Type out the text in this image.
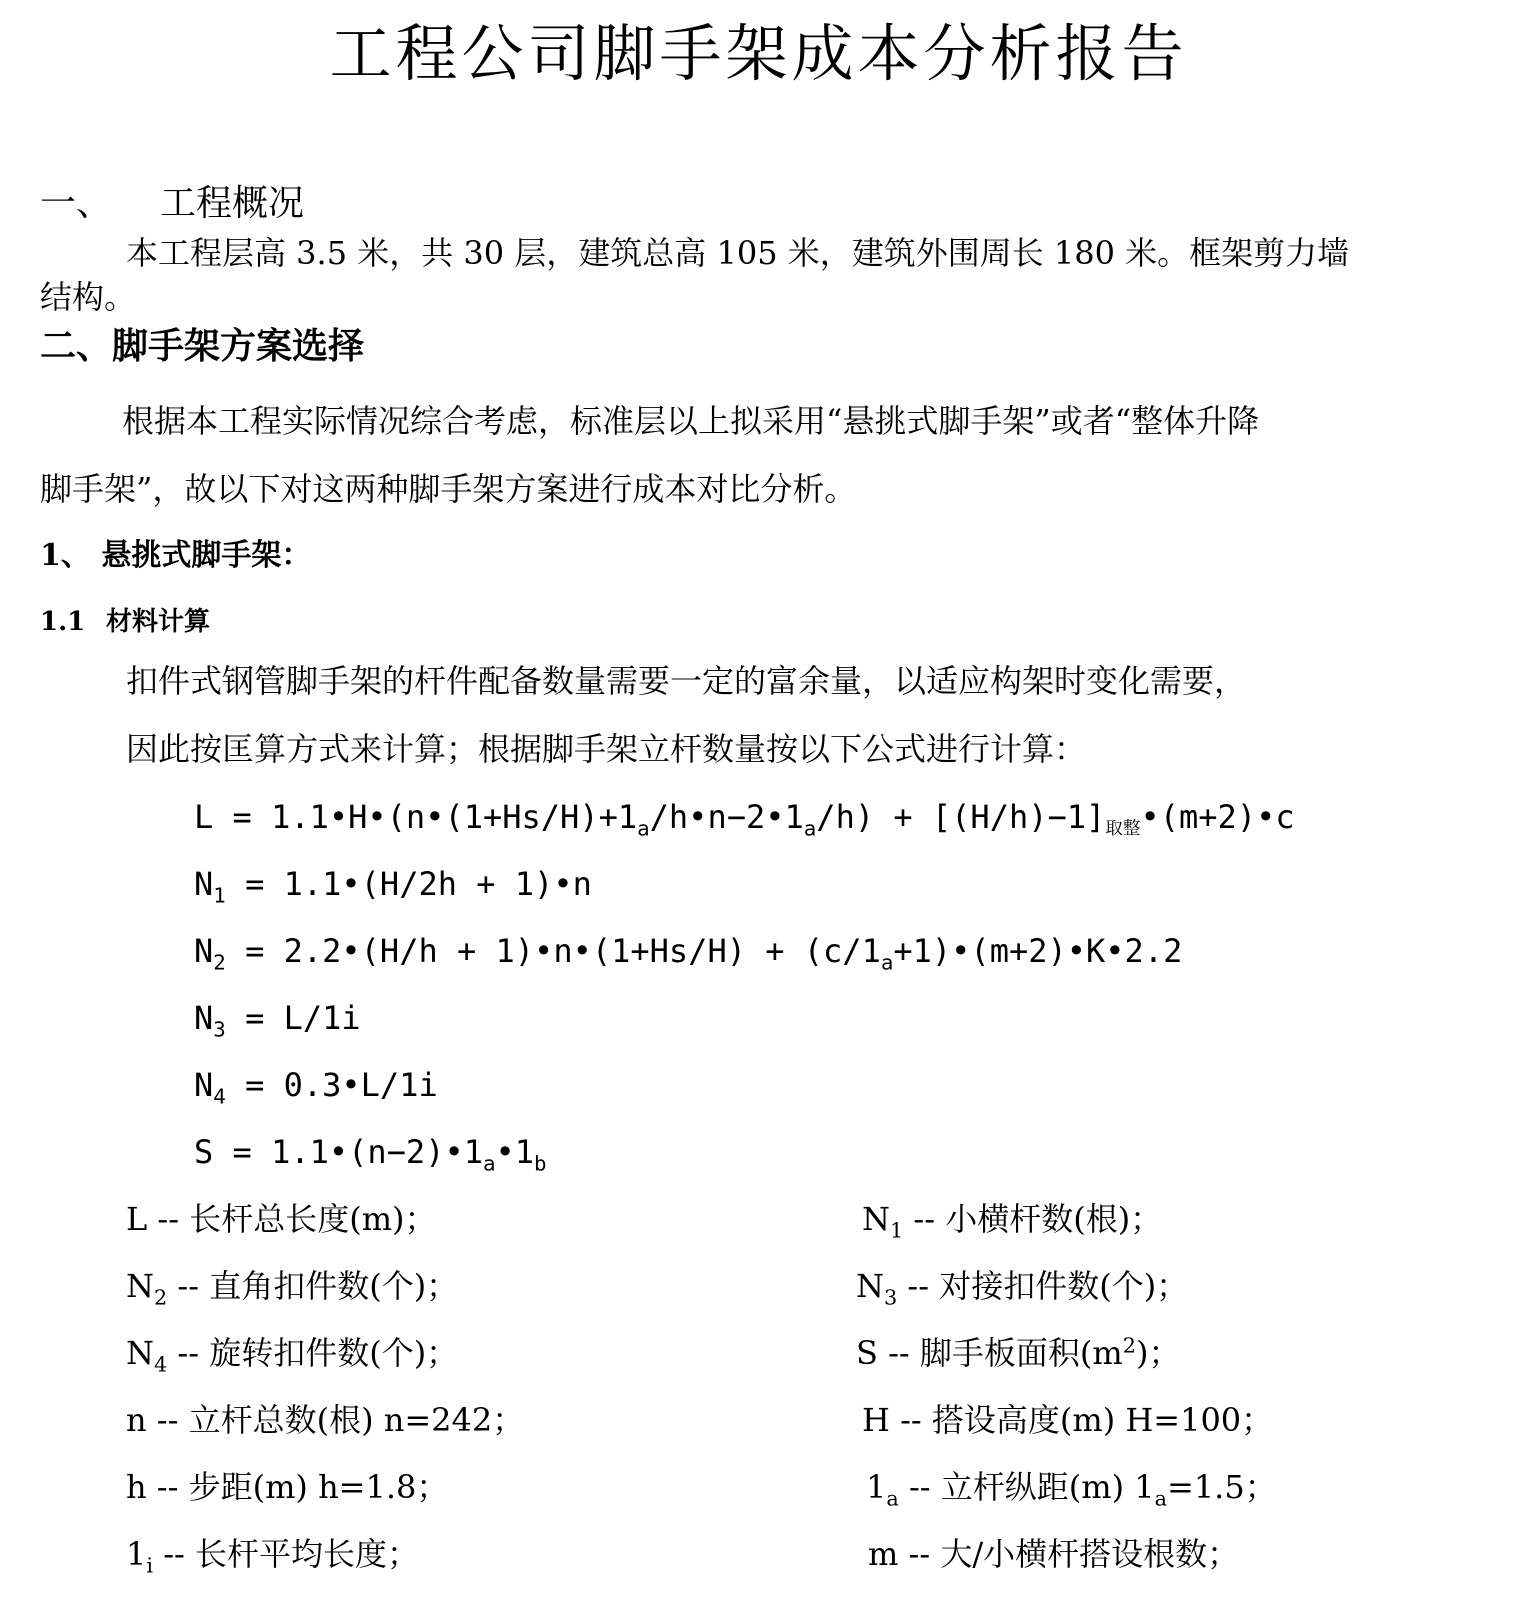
工程公司脚手架成本分析报告
一、 工程概况
本工程层高 3.5 米，共 30 层，建筑总高 105 米，建筑外围周长 180 米。框架剪力墙
结构。
二、脚手架方案选择
根据本工程实际情况综合考虑，标准层以上拟采用“悬挑式脚手架”或者“整体升降
脚手架”，故以下对这两种脚手架方案进行成本对比分析。
1、 悬挑式脚手架：
1.1 材料计算
扣件式钢管脚手架的杆件配备数量需要一定的富余量，以适应构架时变化需要，
因此按匡算方式来计算；根据脚手架立杆数量按以下公式进行计算：
$L = 1.1•H•(n•(1+Hs/H)+1_a/h•n-2•1_a/h) + [(H/h)-1]$取整•(m+2)•c
$N_1$ = 1.1•(H/2h + 1)•n
$N_2$ = 2.2•(H/h + 1)•n•(1+Hs/H) + $(c/1_a+1)•(m+2)•K•2.2$
$N_3 = L/1i$
$N_4$ = 0.3•L/1i
$S = 1.1•(n-2)•1_a•1_b$
L -- 长杆总长度(m)；	$N_1$ -- 小横杆数(根)；
$N_2$ -- 直角扣件数(个)；	$N_3$ -- 对接扣件数(个)；
$N_4$ -- 旋转扣件数(个)；	S -- 脚手板面积$(m^2)$；
n -- 立杆总数(根) n=242；	H -- 搭设高度(m) H=100；
h -- 步距(m) h=1.8；	$1_a$ -- 立杆纵距(m) $1_a=1.5$；
$1_i$ -- 长杆平均长度；	m -- 大/小横杆搭设根数；
